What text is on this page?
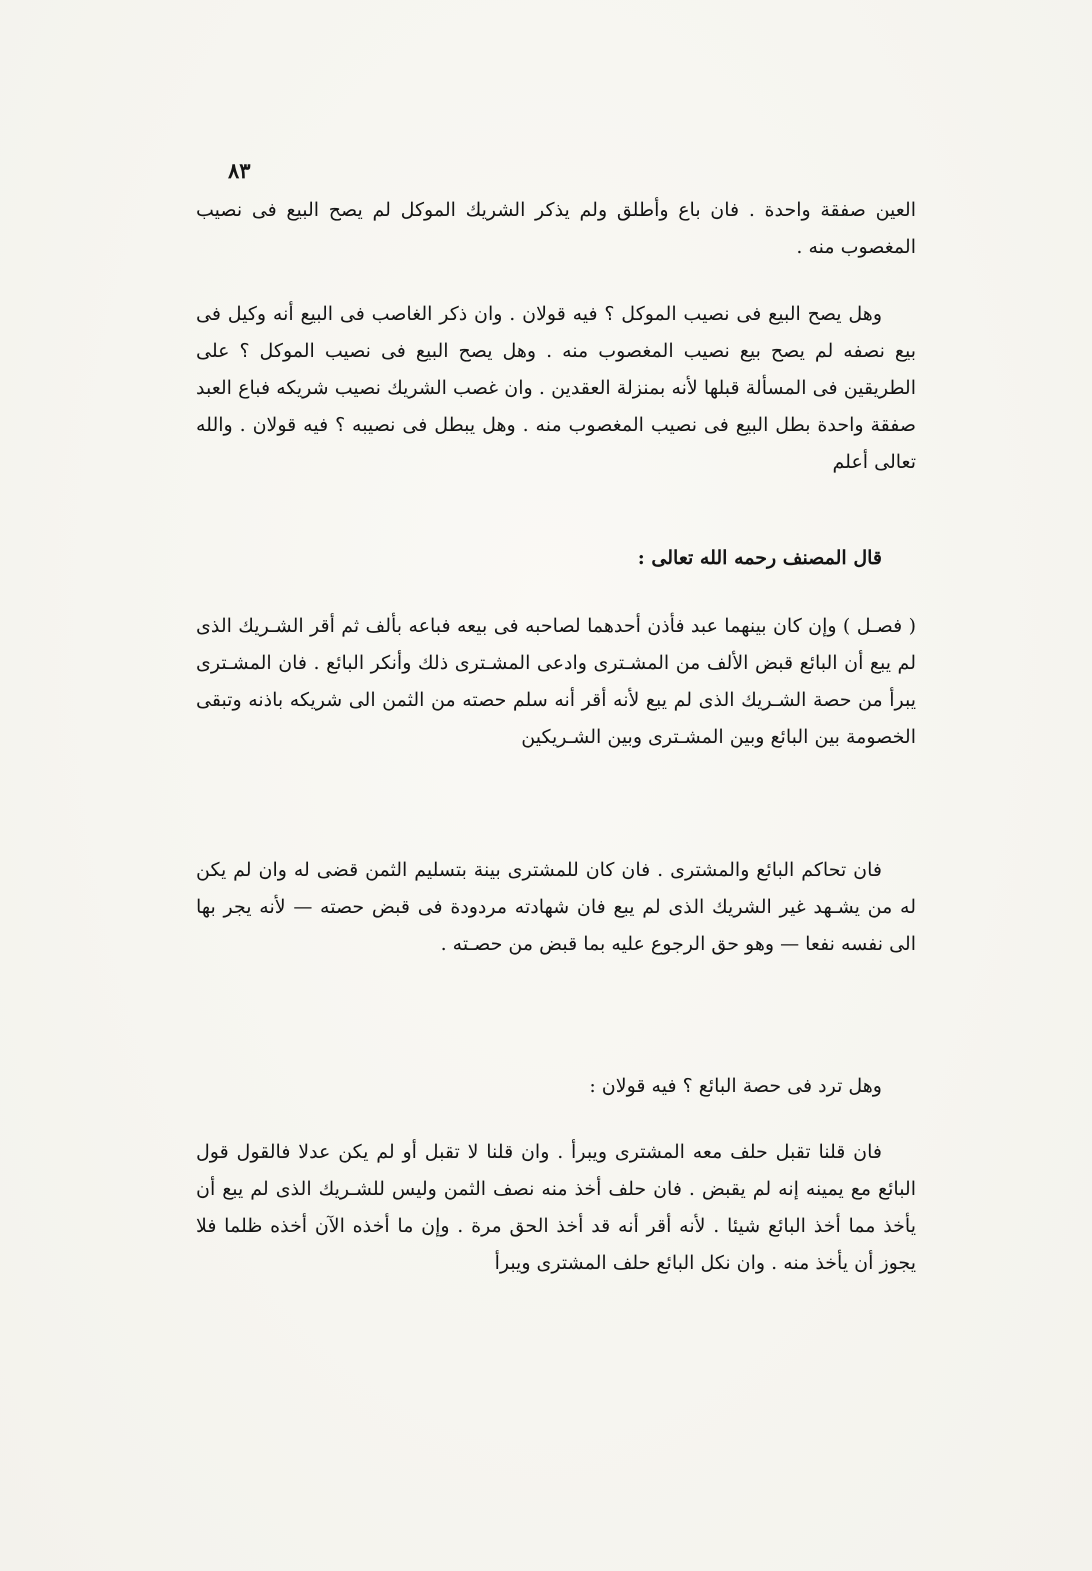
٨٣

العين صفقة واحدة . فان باع وأطلق ولم يذكر الشريك الموكل لم يصح البيع فى نصيب المغصوب منه .

وهل يصح البيع فى نصيب الموكل ؟ فيه قولان . وان ذكر الغاصب فى البيع أنه وكيل فى بيع نصفه لم يصح بيع نصيب المغصوب منه . وهل يصح البيع فى نصيب الموكل ؟ على الطريقين فى المسألة قبلها لأنه بمنزلة العقدين . وان غصب الشريك نصيب شريكه فباع العبد صفقة واحدة بطل البيع فى نصيب المغصوب منه . وهل يبطل فى نصيبه ؟ فيه قولان . والله تعالى أعلم

قال المصنف رحمه الله تعالى :

( فصـل ) وإن كان بينهما عبد فأذن أحدهما لصاحبه فى بيعه فباعه بألف ثم أقر الشـريك الذى لم يبع أن البائع قبض الألف من المشـترى وادعى المشـترى ذلك وأنكر البائع . فان المشـترى يبرأ من حصة الشـريك الذى لم يبع لأنه أقر أنه سلم حصته من الثمن الى شريكه باذنه وتبقى الخصومة بين البائع وبين المشـترى وبين الشـريكين

فان تحاكم البائع والمشترى . فان كان للمشترى بينة بتسليم الثمن قضى له وان لم يكن له من يشـهد غير الشريك الذى لم يبع فان شهادته مردودة فى قبض حصته — لأنه يجر بها الى نفسه نفعا — وهو حق الرجوع عليه بما قبض من حصـته .

وهل ترد فى حصة البائع ؟ فيه قولان :

فان قلنا تقبل حلف معه المشترى ويبرأ . وان قلنا لا تقبل أو لم يكن عدلا فالقول قول البائع مع يمينه إنه لم يقبض . فان حلف أخذ منه نصف الثمن وليس للشـريك الذى لم يبع أن يأخذ مما أخذ البائع شيئا . لأنه أقر أنه قد أخذ الحق مرة . وإن ما أخذه الآن أخذه ظلما فلا يجوز أن يأخذ منه . وان نكل البائع حلف المشترى ويبرأ
